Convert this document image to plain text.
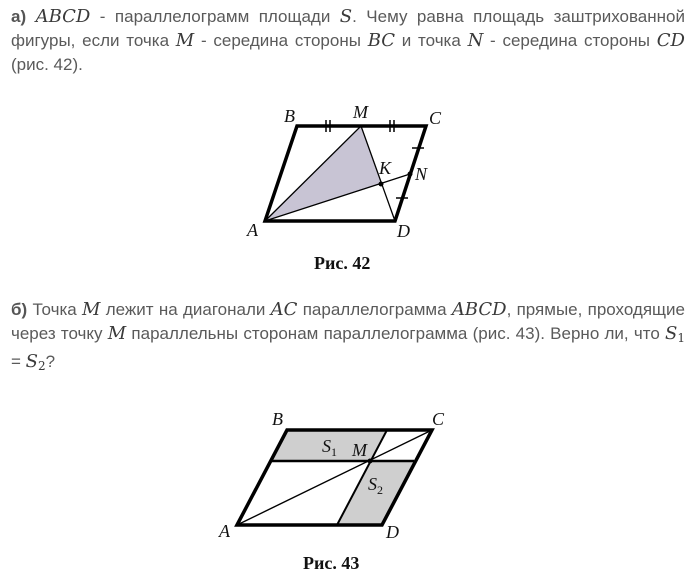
а) ABCD - параллелограмм площади S. Чему равна площадь заштрихованной фигуры, если точка M - середина стороны BC и точка N - середина стороны CD (рис. 42).
б) Точка M лежит на диагонали AC параллелограмма ABCD, прямые, проходящие через точку M параллельны сторонам параллелограмма (рис. 43). Верно ли, что $S_1 = S_2$?
B	M	C
K N
A	D
Рис. 42
B	C
M
A	D
$S_1$
$S_2$
Рис. 43
